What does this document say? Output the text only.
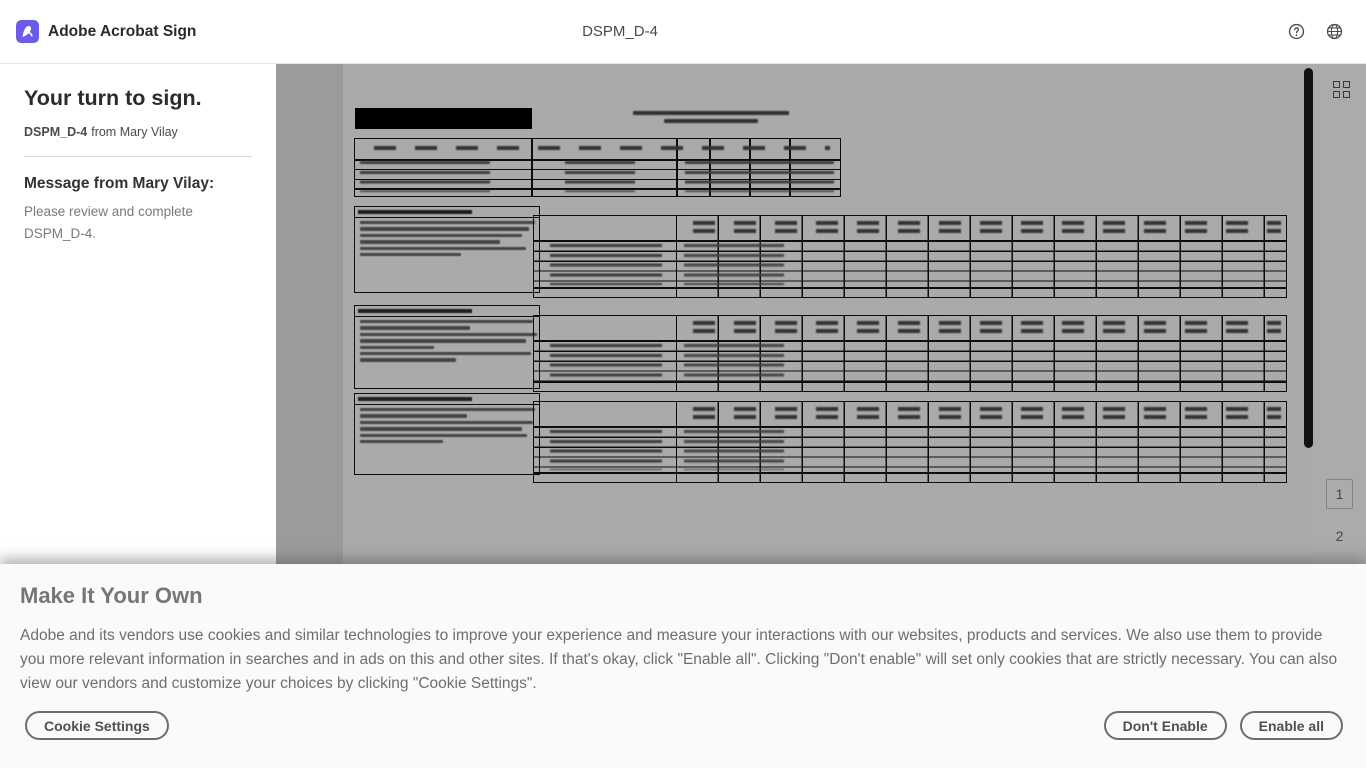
Adobe Acrobat Sign	DSPM_D-4
Your turn to sign.

DSPM_D-4 from Mary Vilay

Message from Mary Vilay:

Please review and complete DSPM_D-4.

1
2
Make It Your Own

Adobe and its vendors use cookies and similar technologies to improve your experience and measure your interactions with our websites, products and services. We also use them to provide you more relevant information in searches and in ads on this and other sites. If that's okay, click "Enable all". Clicking "Don't enable" will set only cookies that are strictly necessary. You can also view our vendors and customize your choices by clicking "Cookie Settings".

Cookie Settings	Don't Enable	Enable all
